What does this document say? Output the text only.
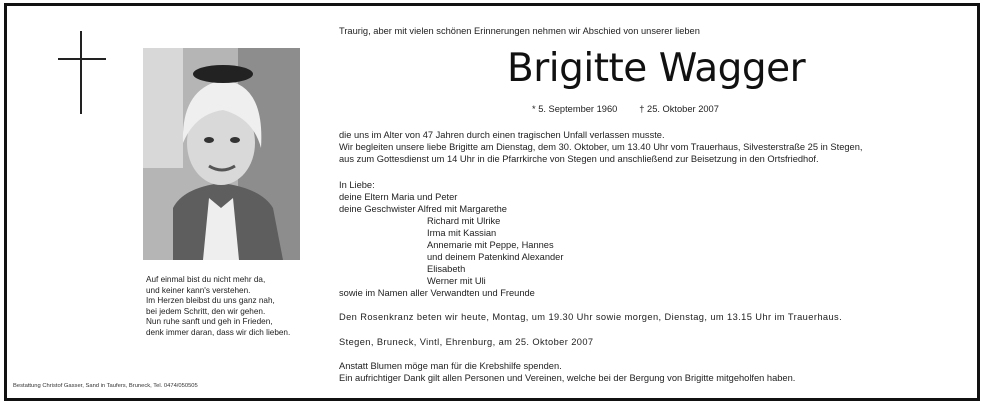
Auf einmal bist du nicht mehr da,
und keiner kann's verstehen.
Im Herzen bleibst du uns ganz nah,
bei jedem Schritt, den wir gehen.
Nun ruhe sanft und geh in Frieden,
denk immer daran, dass wir dich lieben.
Bestattung Christof Gasser, Sand in Taufers, Bruneck, Tel. 0474/050505
Traurig, aber mit vielen schönen Erinnerungen nehmen wir Abschied von unserer lieben
Brigitte Wagger
* 5. September 1960 † 25. Oktober 2007
die uns im Alter von 47 Jahren durch einen tragischen Unfall verlassen musste.
Wir begleiten unsere liebe Brigitte am Dienstag, dem 30. Oktober, um 13.40 Uhr vom Trauerhaus, Silvesterstraße 25 in Stegen,
aus zum Gottesdienst um 14 Uhr in die Pfarrkirche von Stegen und anschließend zur Beisetzung in den Ortsfriedhof.
In Liebe:
deine Eltern Maria und Peter
deine Geschwister Alfred mit Margarethe
Richard mit Ulrike
Irma mit Kassian
Annemarie mit Peppe, Hannes
und deinem Patenkind Alexander
Elisabeth
Werner mit Uli
sowie im Namen aller Verwandten und Freunde
Den Rosenkranz beten wir heute, Montag, um 19.30 Uhr sowie morgen, Dienstag, um 13.15 Uhr im Trauerhaus.
Stegen, Bruneck, Vintl, Ehrenburg, am 25. Oktober 2007
Anstatt Blumen möge man für die Krebshilfe spenden.
Ein aufrichtiger Dank gilt allen Personen und Vereinen, welche bei der Bergung von Brigitte mitgeholfen haben.
